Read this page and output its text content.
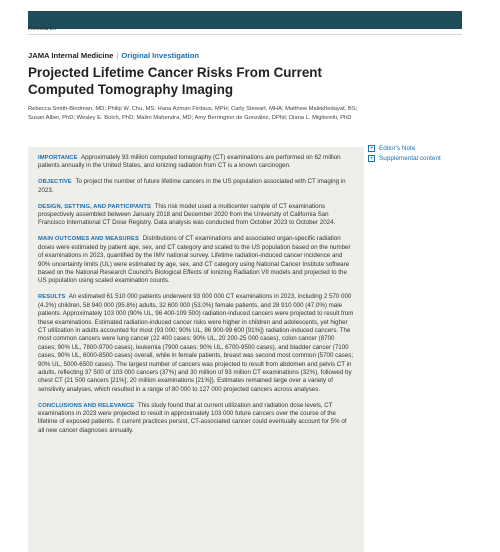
Research
JAMA Internal Medicine | Original Investigation
Projected Lifetime Cancer Risks From Current Computed Tomography Imaging
Rebecca Smith-Bindman, MD; Philip W. Chu, MS; Hana Azman Firdaus, MPH; Carly Stewart, MHA; Matthew Malekhedayat, BS; Susan Alber, PhD; Wesley E. Bolch, PhD; Malini Mahendra, MD; Amy Berrington de González, DPhil; Diana L. Miglioretti, PhD
+ Editor's Note
+ Supplemental content

IMPORTANCE Approximately 93 million computed tomography (CT) examinations are performed on 62 million patients annually in the United States, and ionizing radiation from CT is a known carcinogen.

OBJECTIVE To project the number of future lifetime cancers in the US population associated with CT imaging in 2023.

DESIGN, SETTING, AND PARTICIPANTS This risk model used a multicenter sample of CT examinations prospectively assembled between January 2018 and December 2020 from the University of California San Francisco International CT Dose Registry. Data analysis was conducted from October 2023 to October 2024.

MAIN OUTCOMES AND MEASURES Distributions of CT examinations and associated organ-specific radiation doses were estimated by patient age, sex, and CT category and scaled to the US population based on the number of examinations in 2023, quantified by the IMV national survey. Lifetime radiation-induced cancer incidence and 90% uncertainty limits (UL) were estimated by age, sex, and CT category using National Cancer Institute software based on the National Research Council's Biological Effects of Ionizing Radiation VII models and projected to the US population using scaled examination counts.

RESULTS An estimated 61 510 000 patients underwent 93 000 000 CT examinations in 2023, including 2 570 000 (4.2%) children, 58 940 000 (95.8%) adults, 32 600 000 (53.0%) female patients, and 28 910 000 (47.0%) male patients. Approximately 103 000 (90% UL, 96 400-109 500) radiation-induced cancers were projected to result from these examinations. Estimated radiation-induced cancer risks were higher in children and adolescents, yet higher CT utilization in adults accounted for most (93 000; 90% UL, 86 900-99 600 [91%]) radiation-induced cancers. The most common cancers were lung cancer (22 400 cases; 90% UL, 20 200-25 000 cases), colon cancer (8700 cases; 90% UL, 7800-9700 cases), leukemia (7900 cases; 90% UL, 6700-9500 cases), and bladder cancer (7100 cases, 90% UL, 6000-8500 cases) overall, while in female patients, breast was second most common (5700 cases; 90% UL, 5000-6500 cases). The largest number of cancers was projected to result from abdomen and pelvis CT in adults, reflecting 37 500 of 103 000 cancers (37%) and 30 million of 93 million CT examinations (32%), followed by chest CT (21 500 cancers [21%]; 20 million examinations [21%]). Estimates remained large over a variety of sensitivity analyses, which resulted in a range of 80 000 to 127 000 projected cancers across analyses.

CONCLUSIONS AND RELEVANCE This study found that at current utilization and radiation dose levels, CT examinations in 2023 were projected to result in approximately 103 000 future cancers over the course of the lifetime of exposed patients. If current practices persist, CT-associated cancer could eventually account for 5% of all new cancer diagnoses annually.
